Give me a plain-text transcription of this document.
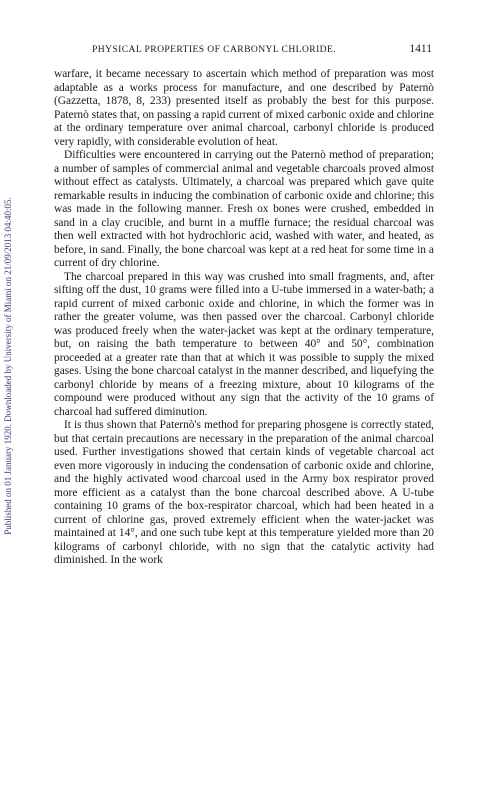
PHYSICAL PROPERTIES OF CARBONYL CHLORIDE.	1411
Published on 01 January 1920. Downloaded by University of Miami on 21/09/2013 04:40:05.

warfare, it became necessary to ascertain which method of preparation was most adaptable as a works process for manufacture, and one described by Paternò (Gazzetta, 1878, 8, 233) presented itself as probably the best for this purpose. Paternò states that, on passing a rapid current of mixed carbonic oxide and chlorine at the ordinary temperature over animal charcoal, carbonyl chloride is produced very rapidly, with considerable evolution of heat.

Difficulties were encountered in carrying out the Paternò method of preparation; a number of samples of commercial animal and vegetable charcoals proved almost without effect as catalysts. Ultimately, a charcoal was prepared which gave quite remarkable results in inducing the combination of carbonic oxide and chlorine; this was made in the following manner. Fresh ox bones were crushed, embedded in sand in a clay crucible, and burnt in a muffle furnace; the residual charcoal was then well extracted with hot hydrochloric acid, washed with water, and heated, as before, in sand. Finally, the bone charcoal was kept at a red heat for some time in a current of dry chlorine.

The charcoal prepared in this way was crushed into small fragments, and, after sifting off the dust, 10 grams were filled into a U-tube immersed in a water-bath; a rapid current of mixed carbonic oxide and chlorine, in which the former was in rather the greater volume, was then passed over the charcoal. Carbonyl chloride was produced freely when the water-jacket was kept at the ordinary temperature, but, on raising the bath temperature to between 40° and 50°, combination proceeded at a greater rate than that at which it was possible to supply the mixed gases. Using the bone charcoal catalyst in the manner described, and liquefying the carbonyl chloride by means of a freezing mixture, about 10 kilograms of the compound were produced without any sign that the activity of the 10 grams of charcoal had suffered diminution.

It is thus shown that Paternò's method for preparing phosgene is correctly stated, but that certain precautions are necessary in the preparation of the animal charcoal used. Further investigations showed that certain kinds of vegetable charcoal act even more vigorously in inducing the condensation of carbonic oxide and chlorine, and the highly activated wood charcoal used in the Army box respirator proved more efficient as a catalyst than the bone charcoal described above. A U-tube containing 10 grams of the box-respirator charcoal, which had been heated in a current of chlorine gas, proved extremely efficient when the water-jacket was maintained at 14°, and one such tube kept at this temperature yielded more than 20 kilograms of carbonyl chloride, with no sign that the catalytic activity had diminished. In the work
